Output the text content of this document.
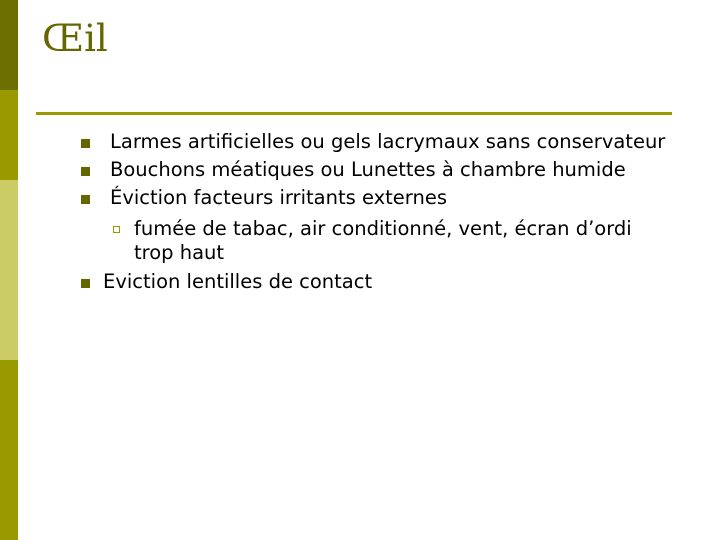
Œil
Larmes artificielles ou gels lacrymaux sans conservateur
Bouchons méatiques ou Lunettes à chambre humide
Éviction facteurs irritants externes
fumée de tabac, air conditionné, vent, écran d’ordi
trop haut
Eviction lentilles de contact
